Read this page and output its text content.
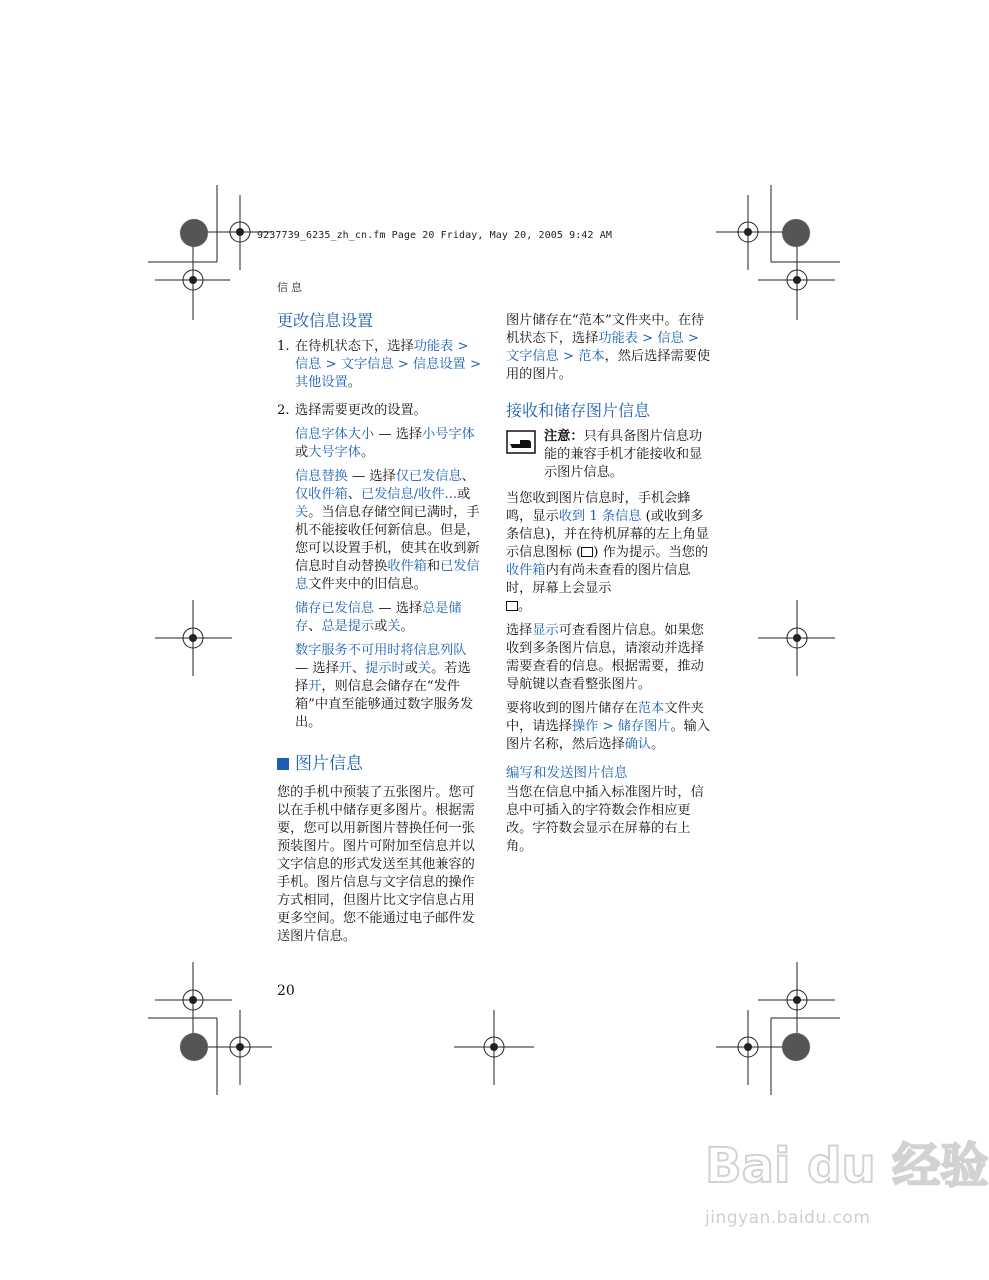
9237739_6235_zh_cn.fm Page 20 Friday, May 20, 2005 9:42 AM
信息
更改信息设置
1. 在待机状态下，选择功能表 > 信息 > 文字信息 > 信息设置 > 其他设置。

2. 选择需要更改的设置。

信息字体大小 — 选择小号字体或大号字体。

信息替换 — 选择仅已发信息、仅收件箱、已发信息/收件...或关。当信息存储空间已满时，手机不能接收任何新信息。但是，您可以设置手机，使其在收到新信息时自动替换收件箱和已发信息文件夹中的旧信息。

储存已发信息 — 选择总是储存、总是提示或关。

数字服务不可用时将信息列队 — 选择开、提示时或关。若选择开，则信息会储存在“发件箱”中直至能够通过数字服务发出。

图片信息

您的手机中预装了五张图片。您可以在手机中储存更多图片。根据需要，您可以用新图片替换任何一张预装图片。图片可附加至信息并以文字信息的形式发送至其他兼容的手机。图片信息与文字信息的操作方式相同，但图片比文字信息占用更多空间。您不能通过电子邮件发送图片信息。

图片储存在“范本”文件夹中。在待机状态下，选择功能表 > 信息 > 文字信息 > 范本，然后选择需要使用的图片。

接收和储存图片信息

注意：只有具备图片信息功能的兼容手机才能接收和显示图片信息。

当您收到图片信息时，手机会蜂鸣，显示收到 1 条信息 (或收到多条信息)，并在待机屏幕的左上角显示信息图标 ( ) 作为提示。当您的收件箱内有尚未查看的图片信息时，屏幕上会显示
。

选择显示可查看图片信息。如果您收到多条图片信息，请滚动并选择需要查看的信息。根据需要，推动导航键以查看整张图片。

要将收到的图片储存在范本文件夹中，请选择操作 > 储存图片。输入图片名称，然后选择确认。

编写和发送图片信息

当您在信息中插入标准图片时，信息中可插入的字符数会作相应更改。字符数会显示在屏幕的右上角。

20
Bai du 经验
jingyan.baidu.com
